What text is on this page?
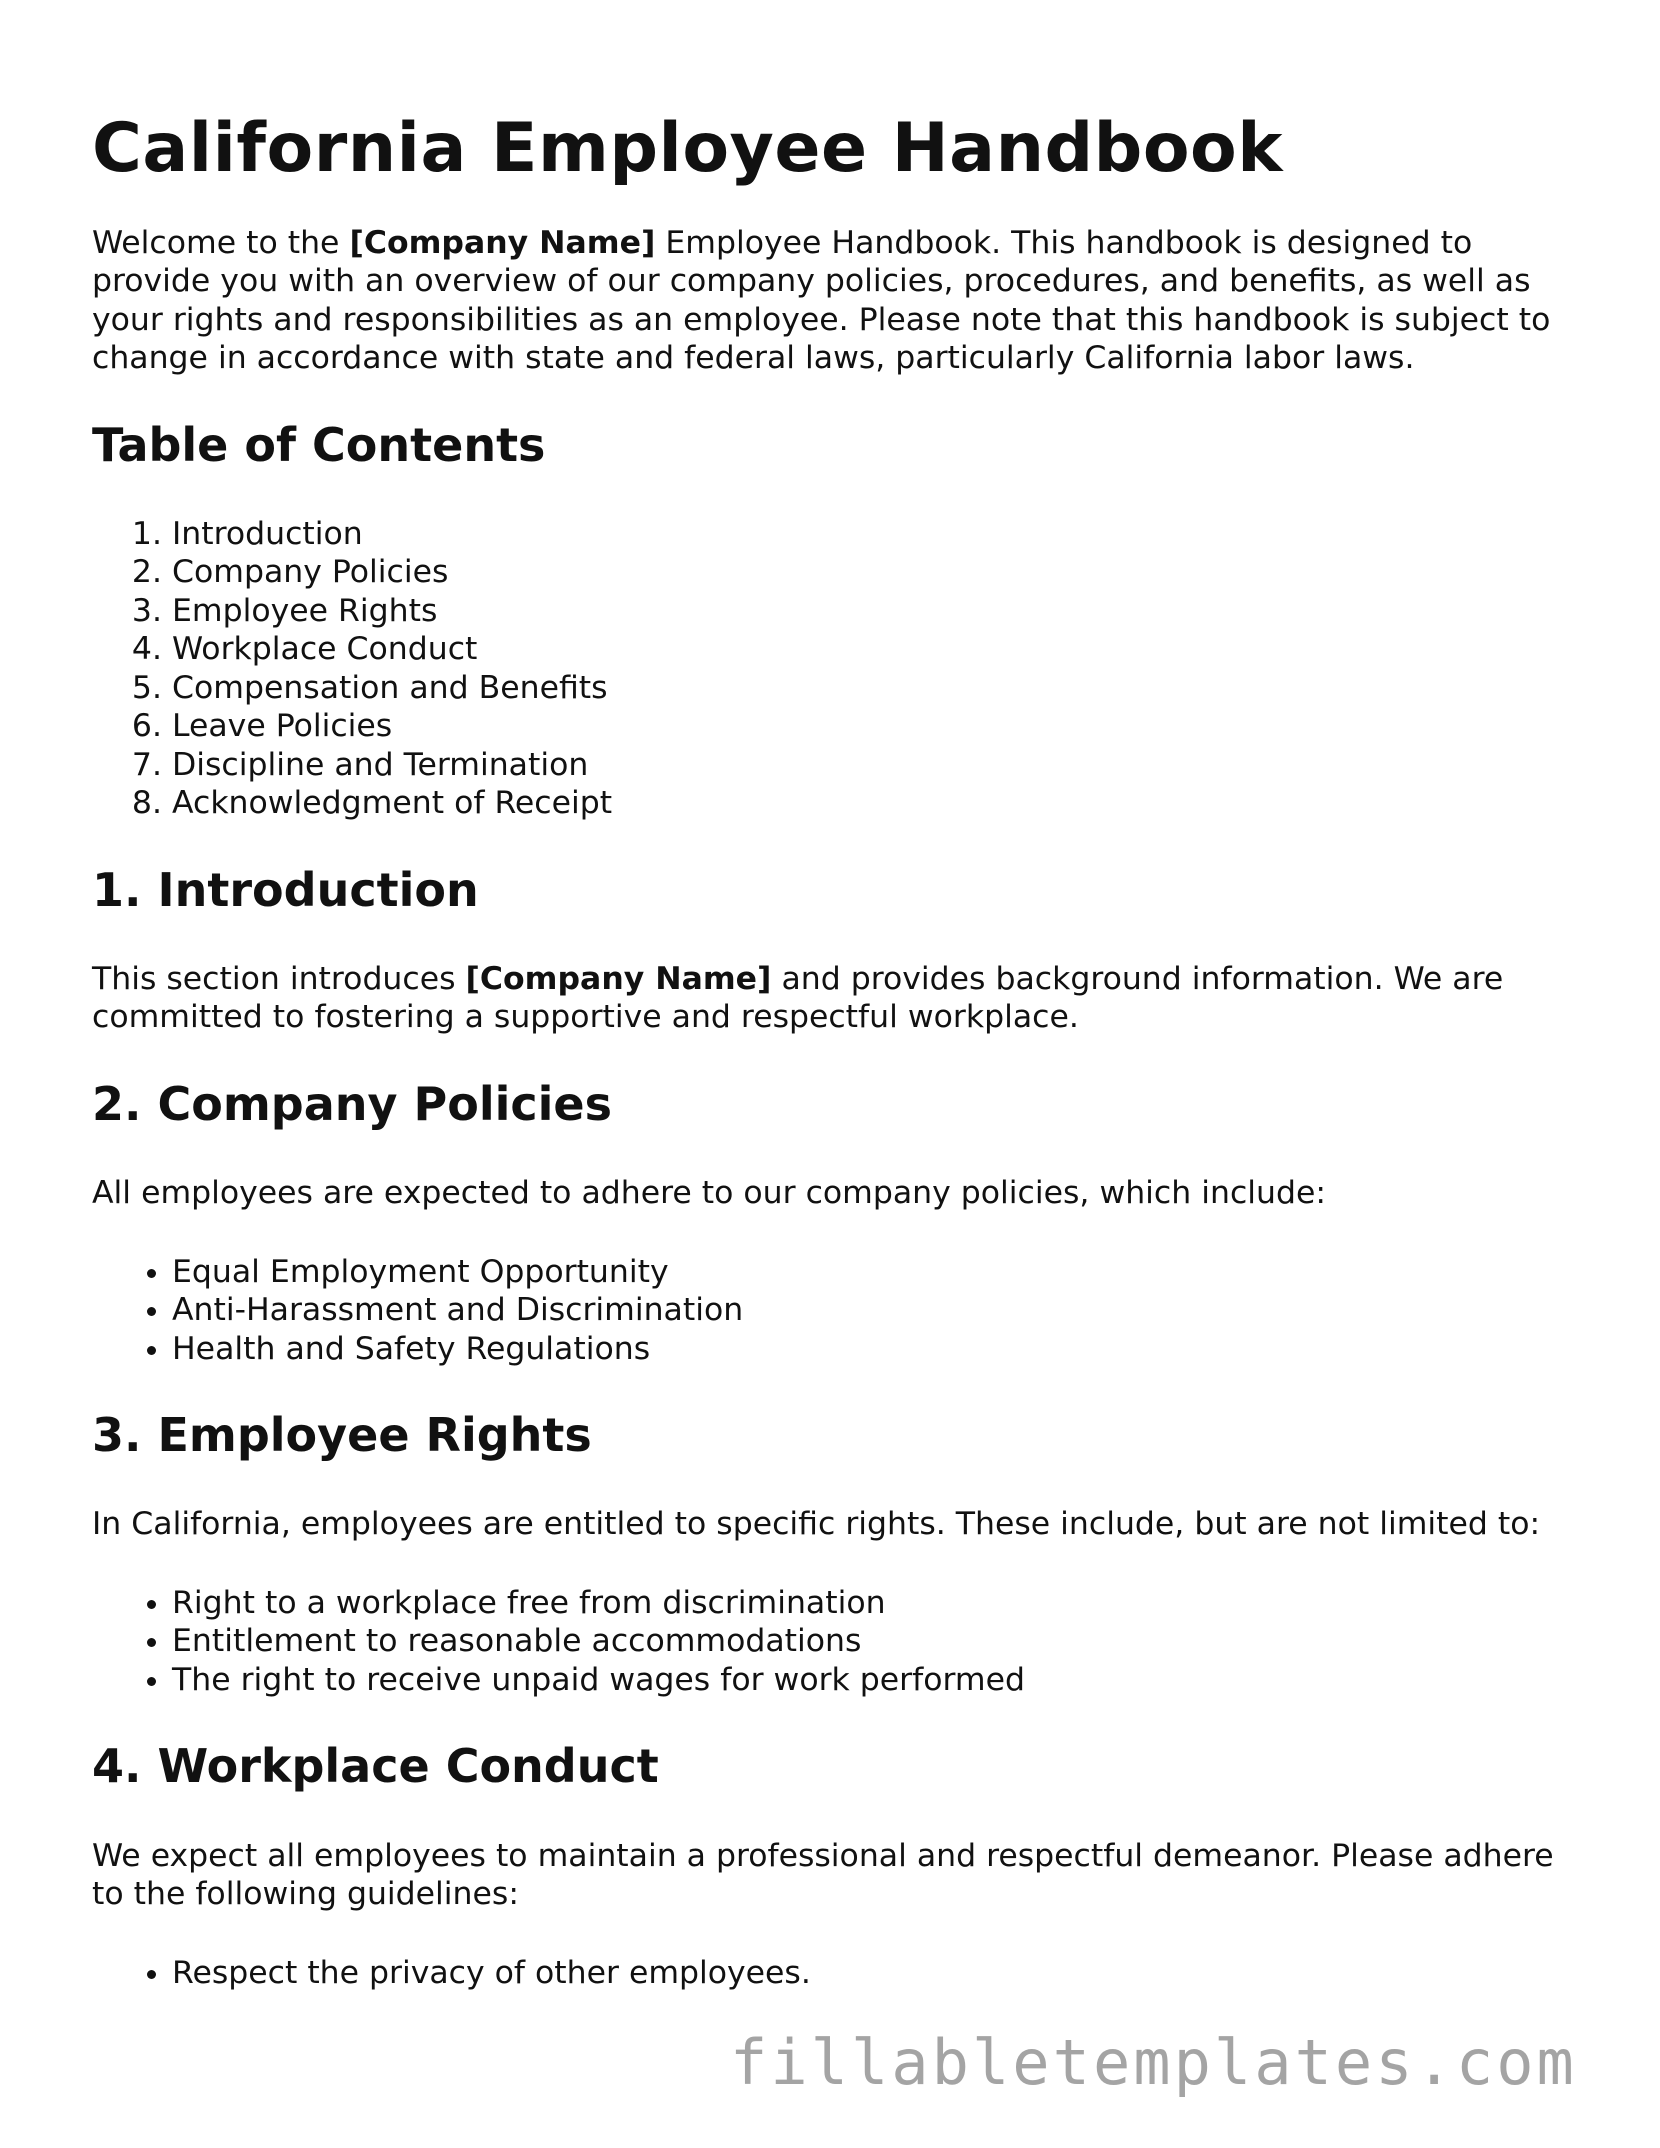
California Employee Handbook

Welcome to the [Company Name] Employee Handbook. This handbook is designed to provide you with an overview of our company policies, procedures, and benefits, as well as your rights and responsibilities as an employee. Please note that this handbook is subject to change in accordance with state and federal laws, particularly California labor laws.

Table of Contents
1. Introduction
2. Company Policies
3. Employee Rights
4. Workplace Conduct
5. Compensation and Benefits
6. Leave Policies
7. Discipline and Termination
8. Acknowledgment of Receipt
1. Introduction

This section introduces [Company Name] and provides background information. We are committed to fostering a supportive and respectful workplace.

2. Company Policies

All employees are expected to adhere to our company policies, which include:

• Equal Employment Opportunity
• Anti-Harassment and Discrimination
• Health and Safety Regulations
3. Employee Rights

In California, employees are entitled to specific rights. These include, but are not limited to:

• Right to a workplace free from discrimination
• Entitlement to reasonable accommodations
• The right to receive unpaid wages for work performed
4. Workplace Conduct

We expect all employees to maintain a professional and respectful demeanor. Please adhere to the following guidelines:

• Respect the privacy of other employees.
fillabletemplates.com
